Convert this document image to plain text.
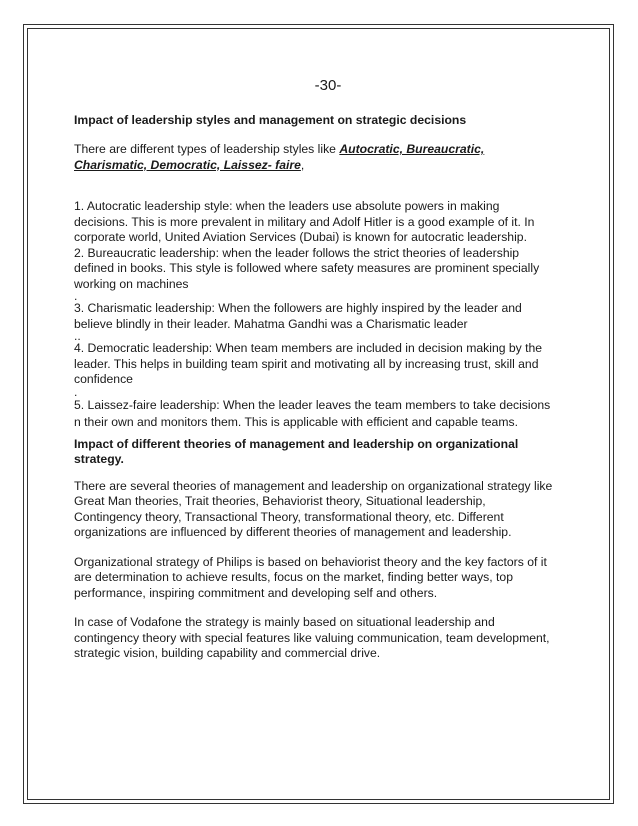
-30-
Impact of leadership styles and management on strategic decisions
There are different types of leadership styles like Autocratic, Bureaucratic, Charismatic, Democratic, Laissez- faire,
1. Autocratic leadership style: when the leaders use absolute powers in making decisions. This is more prevalent in military and Adolf Hitler is a good example of it. In corporate world, United Aviation Services (Dubai) is known for autocratic leadership.
2. Bureaucratic leadership: when the leader follows the strict theories of leadership defined in books. This style is followed where safety measures are prominent specially working on machines
.
3. Charismatic leadership: When the followers are highly inspired by the leader and believe blindly in their leader. Mahatma Gandhi was a Charismatic leader
..
4. Democratic leadership: When team members are included in decision making by the leader. This helps in building team spirit and motivating all by increasing trust, skill and confidence
.
5. Laissez-faire leadership: When the leader leaves the team members to take decisions n their own and monitors them. This is applicable with efficient and capable teams.
Impact of different theories of management and leadership on organizational strategy.
There are several theories of management and leadership on organizational strategy like Great Man theories, Trait theories, Behaviorist theory, Situational leadership, Contingency theory, Transactional Theory, transformational theory, etc. Different organizations are influenced by different theories of management and leadership.
Organizational strategy of Philips is based on behaviorist theory and the key factors of it are determination to achieve results, focus on the market, finding better ways, top performance, inspiring commitment and developing self and others.
In case of Vodafone the strategy is mainly based on situational leadership and contingency theory with special features like valuing communication, team development, strategic vision, building capability and commercial drive.
